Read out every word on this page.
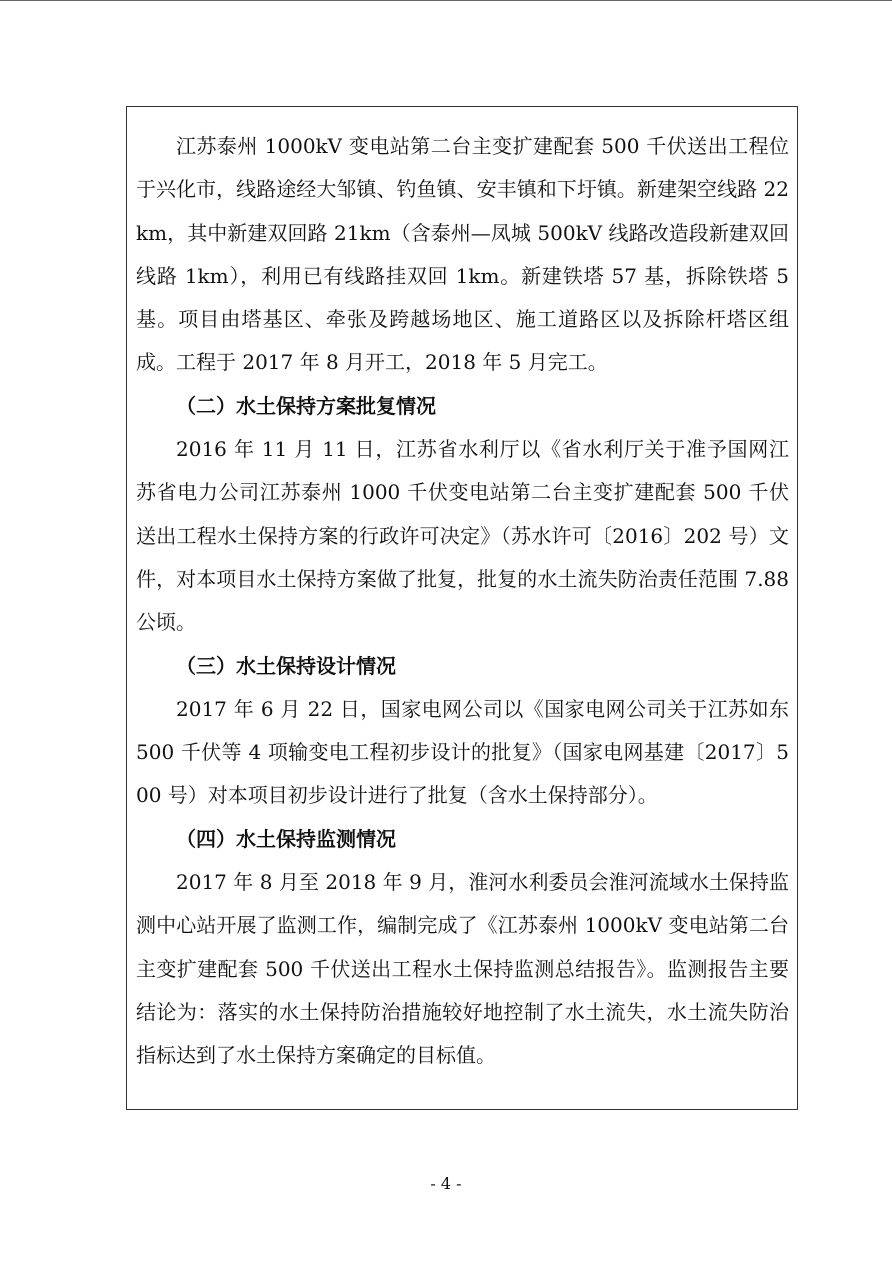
江苏泰州 1000kV 变电站第二台主变扩建配套 500 千伏送出工程位于兴化市，线路途经大邹镇、钓鱼镇、安丰镇和下圩镇。新建架空线路 22km，其中新建双回路 21km（含泰州—凤城 500kV 线路改造段新建双回线路 1km），利用已有线路挂双回 1km。新建铁塔 57 基，拆除铁塔 5 基。项目由塔基区、牵张及跨越场地区、施工道路区以及拆除杆塔区组成。工程于 2017 年 8 月开工，2018 年 5 月完工。

（二）水土保持方案批复情况

2016 年 11 月 11 日，江苏省水利厅以《省水利厅关于准予国网江苏省电力公司江苏泰州 1000 千伏变电站第二台主变扩建配套 500 千伏送出工程水土保持方案的行政许可决定》（苏水许可〔2016〕202 号）文件，对本项目水土保持方案做了批复，批复的水土流失防治责任范围 7.88 公顷。

（三）水土保持设计情况

2017 年 6 月 22 日，国家电网公司以《国家电网公司关于江苏如东 500 千伏等 4 项输变电工程初步设计的批复》（国家电网基建〔2017〕500 号）对本项目初步设计进行了批复（含水土保持部分）。

（四）水土保持监测情况

2017 年 8 月至 2018 年 9 月，淮河水利委员会淮河流域水土保持监测中心站开展了监测工作，编制完成了《江苏泰州 1000kV 变电站第二台主变扩建配套 500 千伏送出工程水土保持监测总结报告》。监测报告主要结论为：落实的水土保持防治措施较好地控制了水土流失，水土流失防治指标达到了水土保持方案确定的目标值。

- 4 -
